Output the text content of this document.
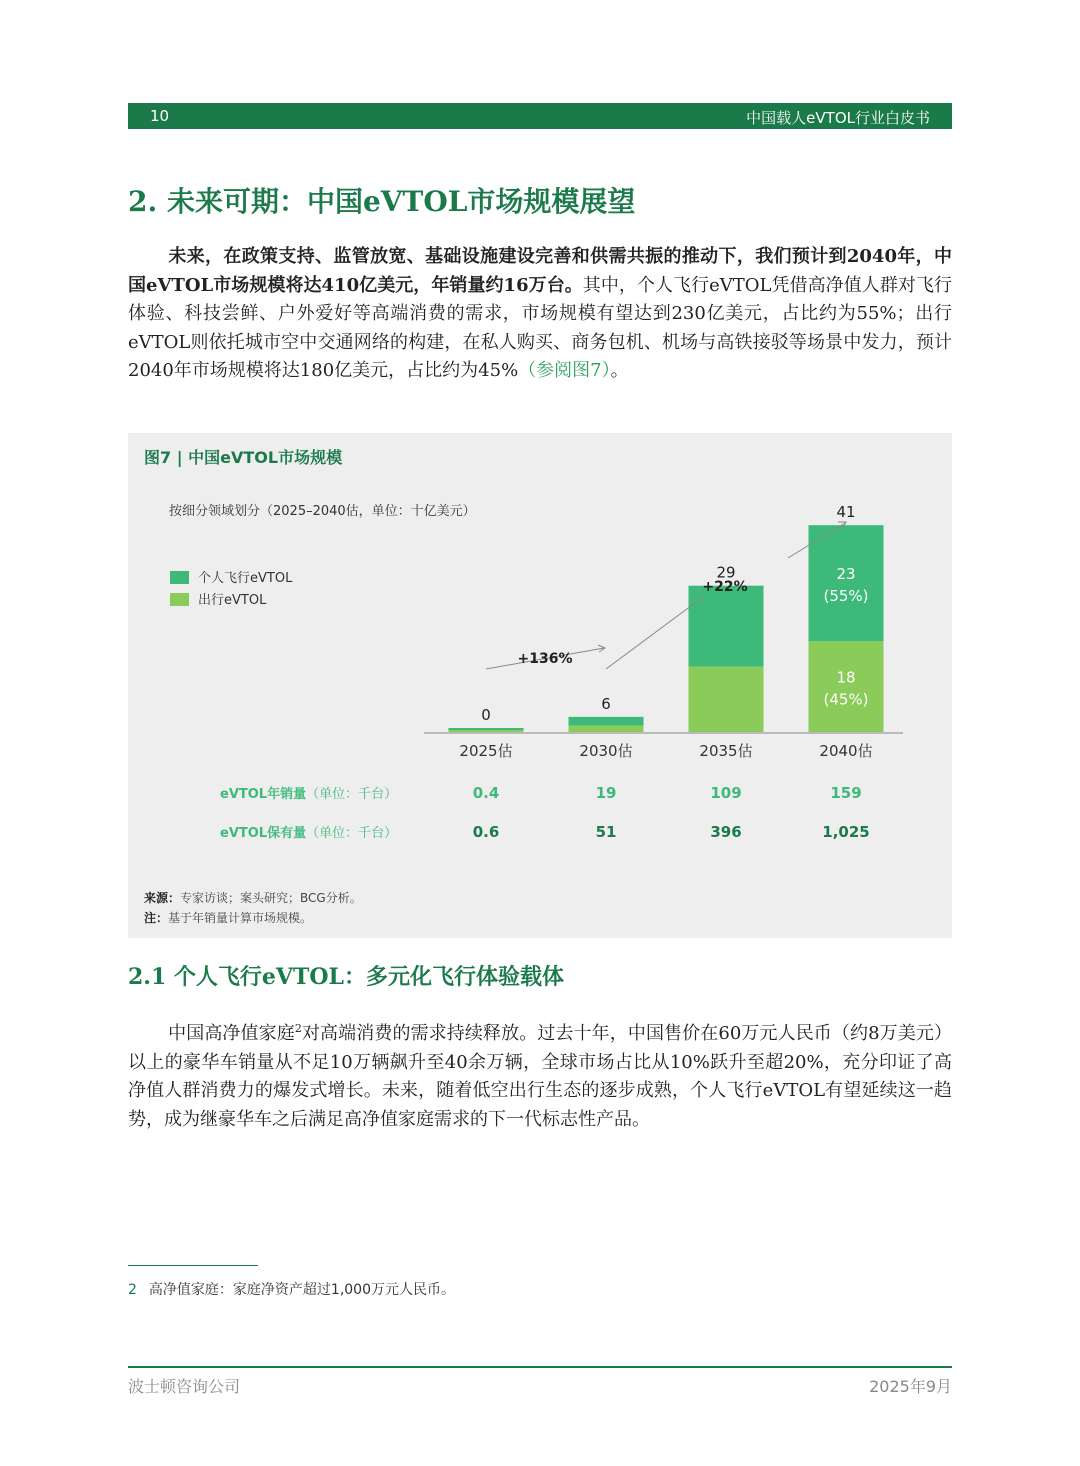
10	中国载人eVTOL行业白皮书
2. 未来可期：中国eVTOL市场规模展望

未来，在政策支持、监管放宽、基础设施建设完善和供需共振的推动下，我们预计到2040年，中国eVTOL市场规模将达410亿美元，年销量约16万台。其中，个人飞行eVTOL凭借高净值人群对飞行体验、科技尝鲜、户外爱好等高端消费的需求，市场规模有望达到230亿美元，占比约为55%；出行eVTOL则依托城市空中交通网络的构建，在私人购买、商务包机、机场与高铁接驳等场景中发力，预计2040年市场规模将达180亿美元，占比约为45%（参阅图7）。

图7 | 中国eVTOL市场规模
按细分领域划分（2025–2040估，单位：十亿美元）
个人飞行eVTOL
出行eVTOL
0
2025估
6
2030估
29
2035估
41
2040估
23
(55%)
18
(45%)
+136%
+22%
eVTOL年销量（单位：千台）	0.4	19	109	159
eVTOL保有量（单位：千台）	0.6	51	396	1,025
来源：专家访谈；案头研究；BCG分析。
注：基于年销量计算市场规模。
2.1 个人飞行eVTOL：多元化飞行体验载体

中国高净值家庭$^2$对高端消费的需求持续释放。过去十年，中国售价在60万元人民币（约8万美元）以上的豪华车销量从不足10万辆飙升至40余万辆，全球市场占比从10%跃升至超20%，充分印证了高净值人群消费力的爆发式增长。未来，随着低空出行生态的逐步成熟，个人飞行eVTOL有望延续这一趋势，成为继豪华车之后满足高净值家庭需求的下一代标志性产品。

2 高净值家庭：家庭净资产超过1,000万元人民币。
波士顿咨询公司	2025年9月
